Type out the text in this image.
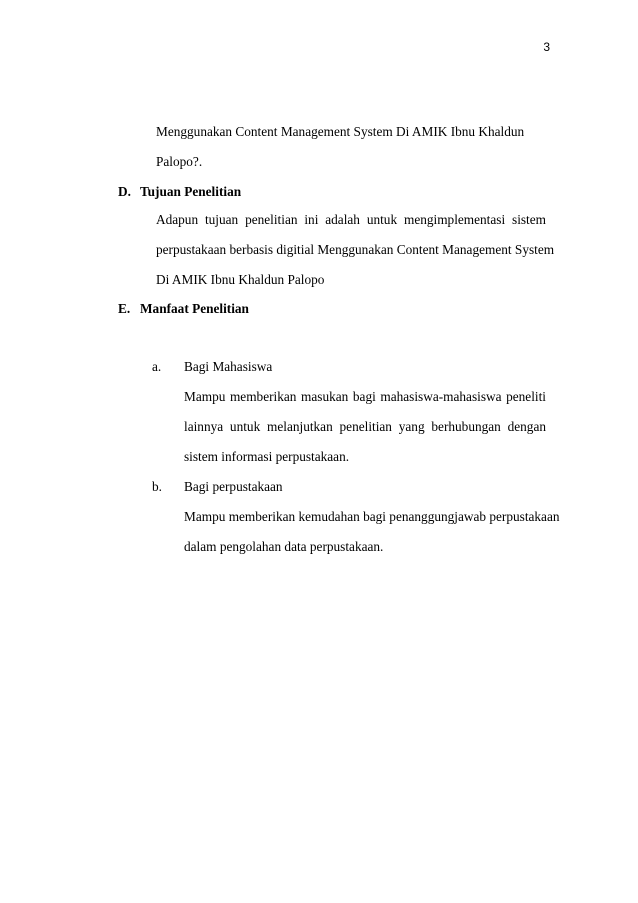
3
Menggunakan Content Management System Di AMIK Ibnu Khaldun
Palopo?.
D. Tujuan Penelitian
Adapun tujuan penelitian ini adalah untuk mengimplementasi sistem
perpustakaan berbasis digitial Menggunakan Content Management System
Di AMIK Ibnu Khaldun Palopo
E. Manfaat Penelitian
a. Bagi Mahasiswa
Mampu memberikan masukan bagi mahasiswa-mahasiswa peneliti
lainnya untuk melanjutkan penelitian yang berhubungan dengan
sistem informasi perpustakaan.
b. Bagi perpustakaan
Mampu memberikan kemudahan bagi penanggungjawab perpustakaan
dalam pengolahan data perpustakaan.
